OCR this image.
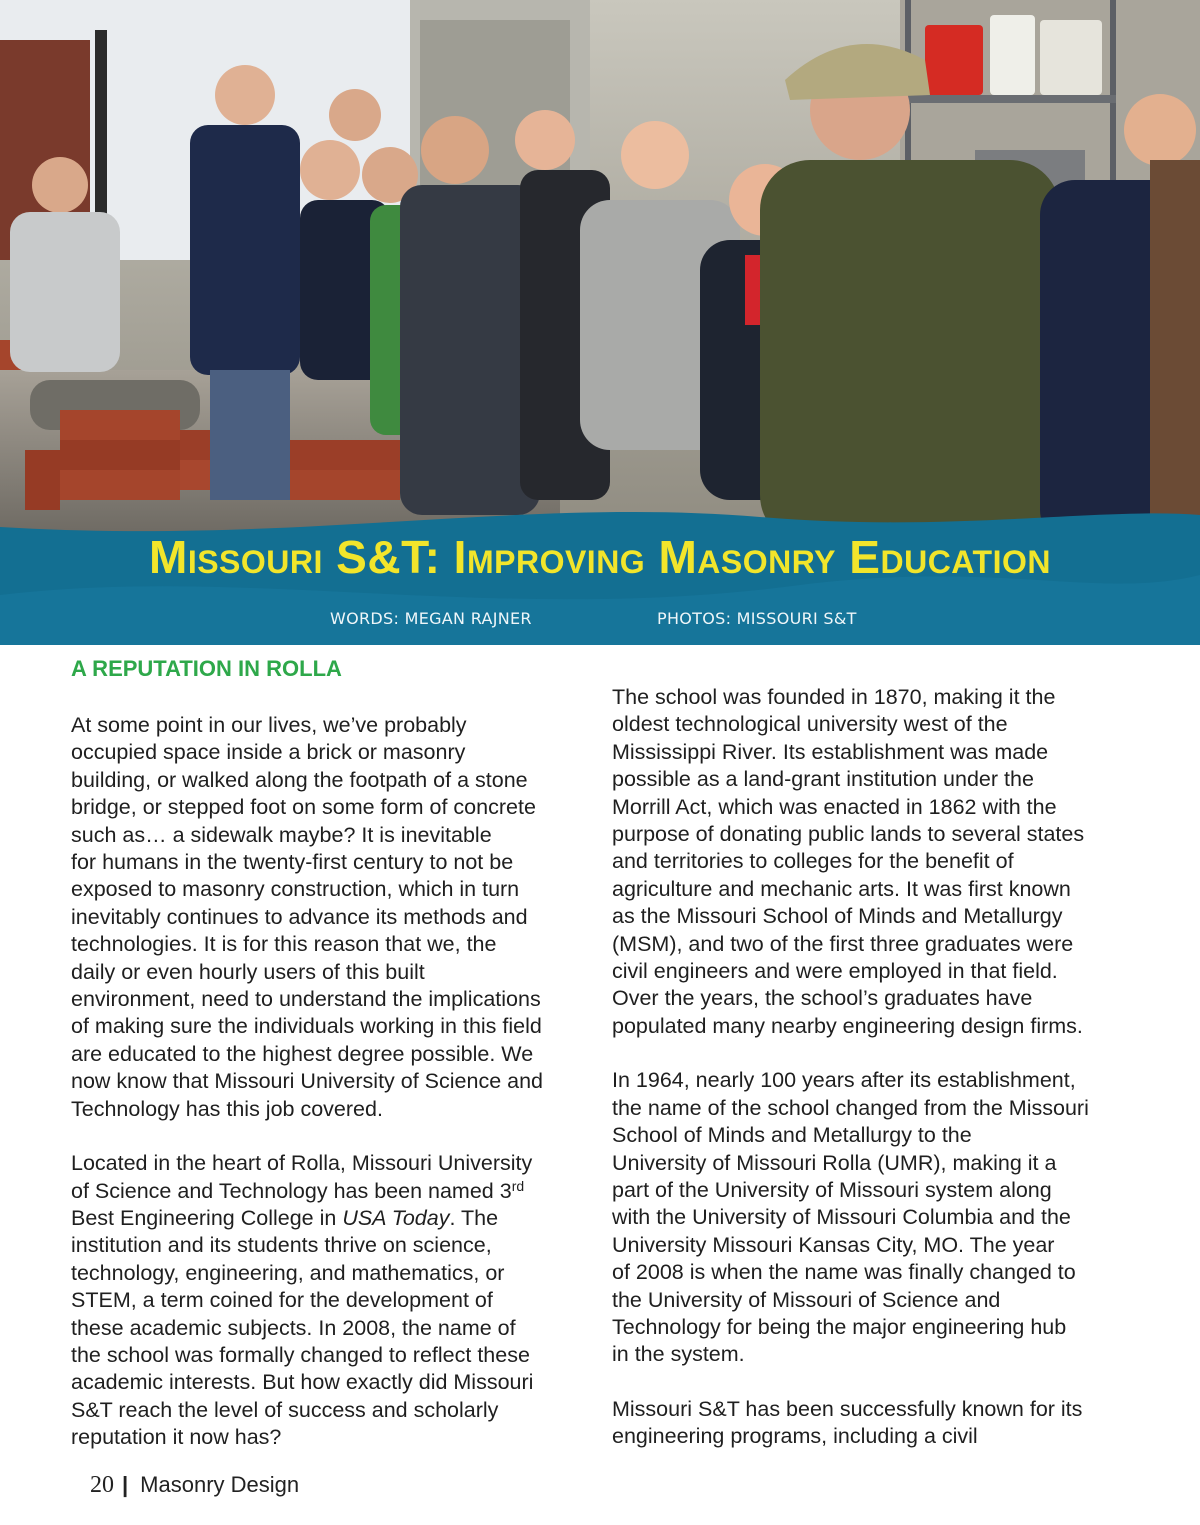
Missouri S&T: Improving Masonry Education
WORDS: MEGAN RAJNER	PHOTOS: MISSOURI S&T
A REPUTATION IN ROLLA

At some point in our lives, we’ve probably
occupied space inside a brick or masonry
building, or walked along the footpath of a stone
bridge, or stepped foot on some form of concrete
such as… a sidewalk maybe? It is inevitable
for humans in the twenty-first century to not be
exposed to masonry construction, which in turn
inevitably continues to advance its methods and
technologies. It is for this reason that we, the
daily or even hourly users of this built
environment, need to understand the implications
of making sure the individuals working in this field
are educated to the highest degree possible. We
now know that Missouri University of Science and
Technology has this job covered.

Located in the heart of Rolla, Missouri University
of Science and Technology has been named 3rd
Best Engineering College in USA Today. The
institution and its students thrive on science,
technology, engineering, and mathematics, or
STEM, a term coined for the development of
these academic subjects. In 2008, the name of
the school was formally changed to reflect these
academic interests. But how exactly did Missouri
S&T reach the level of success and scholarly
reputation it now has?

The school was founded in 1870, making it the
oldest technological university west of the
Mississippi River. Its establishment was made
possible as a land-grant institution under the
Morrill Act, which was enacted in 1862 with the
purpose of donating public lands to several states
and territories to colleges for the benefit of
agriculture and mechanic arts. It was first known
as the Missouri School of Minds and Metallurgy
(MSM), and two of the first three graduates were
civil engineers and were employed in that field.
Over the years, the school’s graduates have
populated many nearby engineering design firms.

In 1964, nearly 100 years after its establishment,
the name of the school changed from the Missouri
School of Minds and Metallurgy to the
University of Missouri Rolla (UMR), making it a
part of the University of Missouri system along
with the University of Missouri Columbia and the
University Missouri Kansas City, MO. The year
of 2008 is when the name was finally changed to
the University of Missouri of Science and
Technology for being the major engineering hub
in the system.

Missouri S&T has been successfully known for its
engineering programs, including a civil

20 | Masonry Design
